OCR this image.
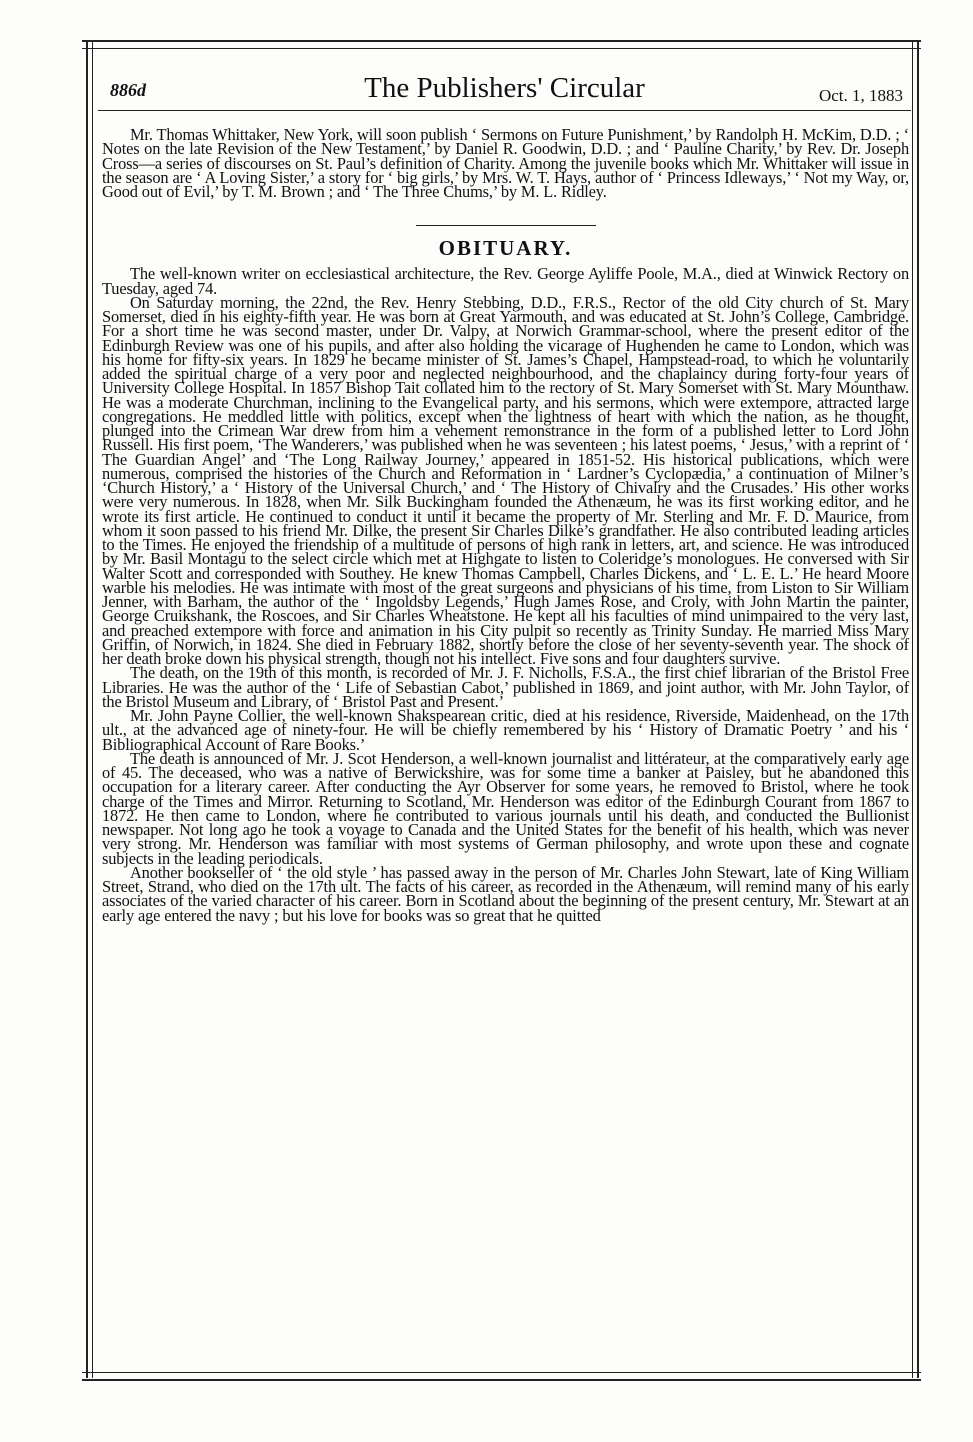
886d	The Publishers' Circular	Oct. 1, 1883

Mr. Thomas Whittaker, New York, will soon publish ‘ Sermons on Future Punishment,’ by Randolph H. McKim, D.D. ; ‘ Notes on the late Revision of the New Testament,’ by Daniel R. Goodwin, D.D. ; and ‘ Pauline Charity,’ by Rev. Dr. Joseph Cross—a series of discourses on St. Paul’s definition of Charity. Among the juvenile books which Mr. Whittaker will issue in the season are ‘ A Loving Sister,’ a story for ‘ big girls,’ by Mrs. W. T. Hays, author of ‘ Princess Idleways,’ ‘ Not my Way, or, Good out of Evil,’ by T. M. Brown ; and ‘ The Three Chums,’ by M. L. Ridley.

OBITUARY.

The well-known writer on ecclesiastical architecture, the Rev. George Ayliffe Poole, M.A., died at Winwick Rectory on Tuesday, aged 74.

On Saturday morning, the 22nd, the Rev. Henry Stebbing, D.D., F.R.S., Rector of the old City church of St. Mary Somerset, died in his eighty-fifth year. He was born at Great Yarmouth, and was educated at St. John’s College, Cambridge. For a short time he was second master, under Dr. Valpy, at Norwich Grammar-school, where the present editor of the Edinburgh Review was one of his pupils, and after also holding the vicarage of Hughenden he came to London, which was his home for fifty-six years. In 1829 he became minister of St. James’s Chapel, Hampstead-road, to which he voluntarily added the spiritual charge of a very poor and neglected neighbourhood, and the chaplaincy during forty-four years of University College Hospital. In 1857 Bishop Tait collated him to the rectory of St. Mary Somerset with St. Mary Mounthaw. He was a moderate Churchman, inclining to the Evangelical party, and his sermons, which were extempore, attracted large congregations. He meddled little with politics, except when the lightness of heart with which the nation, as he thought, plunged into the Crimean War drew from him a vehement remonstrance in the form of a published letter to Lord John Russell. His first poem, ‘The Wanderers,’ was published when he was seventeen ; his latest poems, ‘ Jesus,’ with a reprint of ‘ The Guardian Angel’ and ‘The Long Railway Journey,’ appeared in 1851-52. His historical publications, which were numerous, comprised the histories of the Church and Reformation in ‘ Lardner’s Cyclopædia,’ a continuation of Milner’s ‘Church History,’ a ‘ History of the Universal Church,’ and ‘ The History of Chivalry and the Crusades.’ His other works were very numerous. In 1828, when Mr. Silk Buckingham founded the Athenæum, he was its first working editor, and he wrote its first article. He continued to conduct it until it became the property of Mr. Sterling and Mr. F. D. Maurice, from whom it soon passed to his friend Mr. Dilke, the present Sir Charles Dilke’s grandfather. He also contributed leading articles to the Times. He enjoyed the friendship of a multitude of persons of high rank in letters, art, and science. He was introduced by Mr. Basil Montagu to the select circle which met at Highgate to listen to Coleridge’s monologues. He conversed with Sir Walter Scott and corresponded with Southey. He knew Thomas Campbell, Charles Dickens, and ‘ L. E. L.’ He heard Moore warble his melodies. He was intimate with most of the great surgeons and physicians of his time, from Liston to Sir William Jenner, with Barham, the author of the ‘ Ingoldsby Legends,’ Hugh James Rose, and Croly, with John Martin the painter, George Cruikshank, the Roscoes, and Sir Charles Wheatstone. He kept all his faculties of mind unimpaired to the very last, and preached extempore with force and animation in his City pulpit so recently as Trinity Sunday. He married Miss Mary Griffin, of Norwich, in 1824. She died in February 1882, shortly before the close of her seventy-seventh year. The shock of her death broke down his physical strength, though not his intellect. Five sons and four daughters survive.

The death, on the 19th of this month, is recorded of Mr. J. F. Nicholls, F.S.A., the first chief librarian of the Bristol Free Libraries. He was the author of the ‘ Life of Sebastian Cabot,’ published in 1869, and joint author, with Mr. John Taylor, of the Bristol Museum and Library, of ‘ Bristol Past and Present.’

Mr. John Payne Collier, the well-known Shakspearean critic, died at his residence, Riverside, Maidenhead, on the 17th ult., at the advanced age of ninety-four. He will be chiefly remembered by his ‘ History of Dramatic Poetry ’ and his ‘ Bibliographical Account of Rare Books.’

The death is announced of Mr. J. Scot Henderson, a well-known journalist and littérateur, at the comparatively early age of 45. The deceased, who was a native of Berwickshire, was for some time a banker at Paisley, but he abandoned this occupation for a literary career. After conducting the Ayr Observer for some years, he removed to Bristol, where he took charge of the Times and Mirror. Returning to Scotland, Mr. Henderson was editor of the Edinburgh Courant from 1867 to 1872. He then came to London, where he contributed to various journals until his death, and conducted the Bullionist newspaper. Not long ago he took a voyage to Canada and the United States for the benefit of his health, which was never very strong. Mr. Henderson was familiar with most systems of German philosophy, and wrote upon these and cognate subjects in the leading periodicals.

Another bookseller of ‘ the old style ’ has passed away in the person of Mr. Charles John Stewart, late of King William Street, Strand, who died on the 17th ult. The facts of his career, as recorded in the Athenæum, will remind many of his early associates of the varied character of his career. Born in Scotland about the beginning of the present century, Mr. Stewart at an early age entered the navy ; but his love for books was so great that he quitted
